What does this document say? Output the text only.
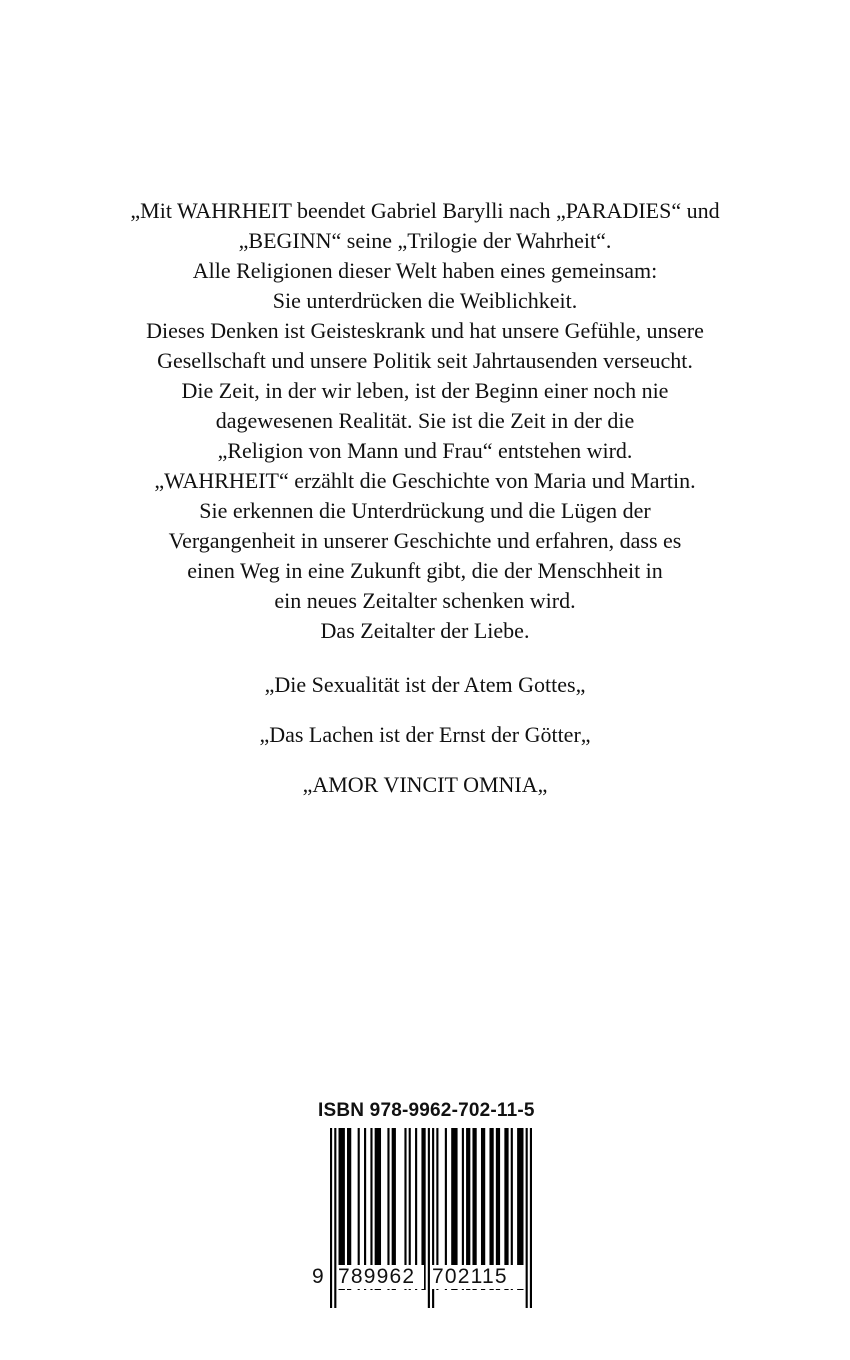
„Mit WAHRHEIT beendet Gabriel Barylli nach „PARADIES“ und
„BEGINN“ seine „Trilogie der Wahrheit“.
Alle Religionen dieser Welt haben eines gemeinsam:
Sie unterdrücken die Weiblichkeit.
Dieses Denken ist Geisteskrank und hat unsere Gefühle, unsere
Gesellschaft und unsere Politik seit Jahrtausenden verseucht.
Die Zeit, in der wir leben, ist der Beginn einer noch nie
dagewesenen Realität. Sie ist die Zeit in der die
„Religion von Mann und Frau“ entstehen wird.
„WAHRHEIT“ erzählt die Geschichte von Maria und Martin.
Sie erkennen die Unterdrückung und die Lügen der
Vergangenheit in unserer Geschichte und erfahren, dass es
einen Weg in eine Zukunft gibt, die der Menschheit in
ein neues Zeitalter schenken wird.
Das Zeitalter der Liebe.
„Die Sexualität ist der Atem Gottes„
„Das Lachen ist der Ernst der Götter„
„AMOR VINCIT OMNIA„
ISBN 978-9962-702-11-5
9 789962 702115
